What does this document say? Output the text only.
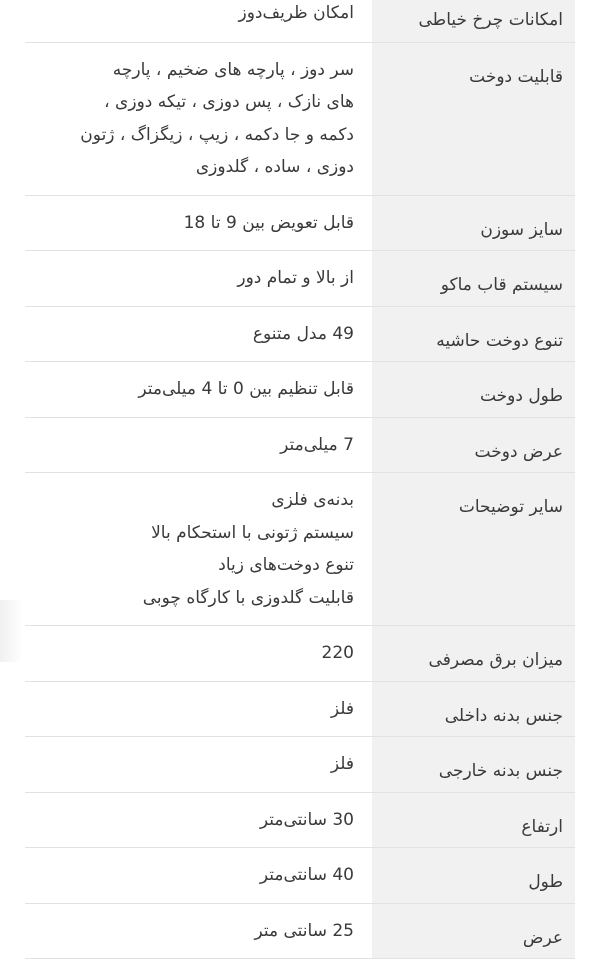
امکانات چرخ خیاطی	امکان ظریف‌دوز

قابلیت دوخت	سر دوز ، پارچه های ضخیم ، پارچه
های نازک ، پس دوزی ، تیکه دوزی ،
دکمه و جا دکمه ، زیپ ، زیگزاگ ، ژتون
دوزی ، ساده ، گلدوزی

سایز سوزن	قابل تعویض بین 9 تا 18

سیستم قاب ماکو	از بالا و تمام دور

تنوع دوخت حاشیه	49 مدل متنوع

طول دوخت	قابل تنظیم بین 0 تا 4 میلی‌متر

عرض دوخت	7 میلی‌متر

سایر توضیحات	بدنه‌ی فلزی
سیستم ژتونی با استحکام بالا
تنوع دوخت‌های زیاد
قابلیت گلدوزی با کارگاه چوبی

میزان برق مصرفی	220

جنس بدنه داخلی	فلز

جنس بدنه خارجی	فلز

ارتفاع	30 سانتی‌متر

طول	40 سانتی‌متر

عرض	25 سانتی متر
